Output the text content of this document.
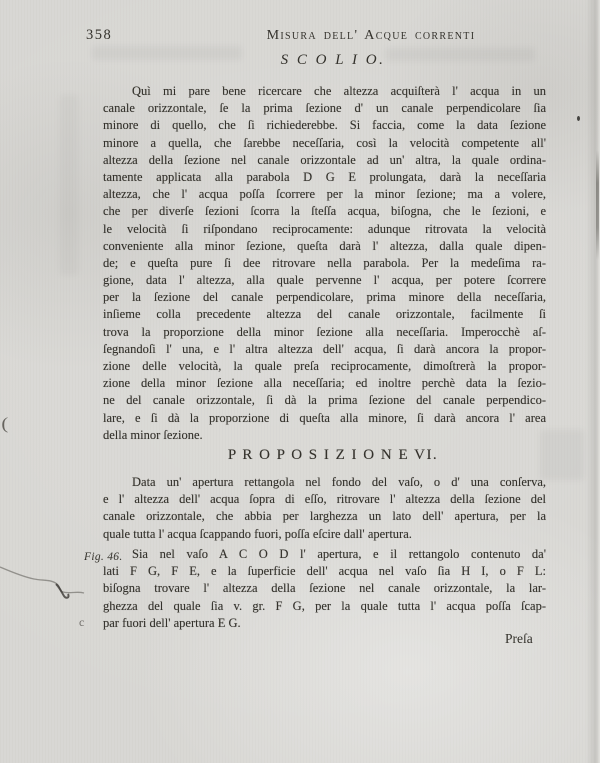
358	Misura dell' Acque correnti
S C O L I O.
Quì mi pare bene ricercare che altezza acquiſterà l' acqua in un
canale orizzontale, ſe la prima ſezione d' un canale perpendicolare ſia
minore di quello, che ſi richiederebbe. Si faccia, come la data ſezione
minore a quella, che ſarebbe neceſſaria, così la velocità competente all'
altezza della ſezione nel canale orizzontale ad un' altra, la quale ordina-
tamente applicata alla parabola D G E prolungata, darà la neceſſaria
altezza, che l' acqua poſſa ſcorrere per la minor ſezione; ma a volere,
che per diverſe ſezioni ſcorra la ſteſſa acqua, biſogna, che le ſezioni, e
le velocità ſi riſpondano reciprocamente: adunque ritrovata la velocità
conveniente alla minor ſezione, queſta darà l' altezza, dalla quale dipen-
de; e queſta pure ſi dee ritrovare nella parabola. Per la medeſima ra-
gione, data l' altezza, alla quale pervenne l' acqua, per potere ſcorrere
per la ſezione del canale perpendicolare, prima minore della neceſſaria,
inſieme colla precedente altezza del canale orizzontale, facilmente ſi
trova la proporzione della minor ſezione alla neceſſaria. Imperocchè aſ-
ſegnandoſi l' una, e l' altra altezza dell' acqua, ſi darà ancora la propor-
zione delle velocità, la quale preſa reciprocamente, dimoſtrerà la propor-
zione della minor ſezione alla neceſſaria; ed inoltre perchè data la ſezio-
ne del canale orizzontale, ſi dà la prima ſezione del canale perpendico-
lare, e ſi dà la proporzione di queſta alla minore, ſi darà ancora l' area
della minor ſezione.
P R O P O S I Z I O N E VI.
Data un' apertura rettangola nel fondo del vaſo, o d' una conſerva,
e l' altezza dell' acqua ſopra di eſſo, ritrovare l' altezza della ſezione del
canale orizzontale, che abbia per larghezza un lato dell' apertura, per la
quale tutta l' acqua ſcappando fuori, poſſa eſcire dall' apertura.
Fig. 46. Sia nel vaſo A C O D l' apertura, e il rettangolo contenuto da'
lati F G, F E, e la ſuperficie dell' acqua nel vaſo ſia H I, o F L:
biſogna trovare l' altezza della ſezione nel canale orizzontale, la lar-
ghezza del quale ſia v. gr. F G, per la quale tutta l' acqua poſſa ſcap-
par fuori dell' apertura E G.
Preſa
(
c
